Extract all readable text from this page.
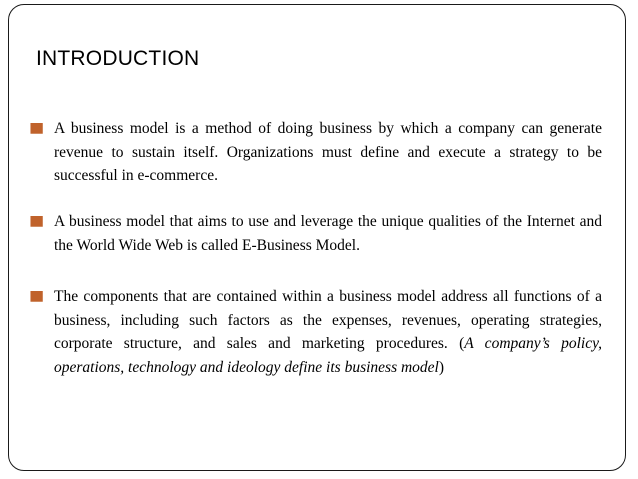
INTRODUCTION
■
A business model is a method of doing business by which a company can generate revenue to sustain itself. Organizations must define and execute a strategy to be successful in e-commerce.
■
A business model that aims to use and leverage the unique qualities of the Internet and the World Wide Web is called E-Business Model.
■
The components that are contained within a business model address all functions of a business, including such factors as the expenses, revenues, operating strategies, corporate structure, and sales and marketing procedures. (A company’s policy, operations, technology and ideology define its business model)
